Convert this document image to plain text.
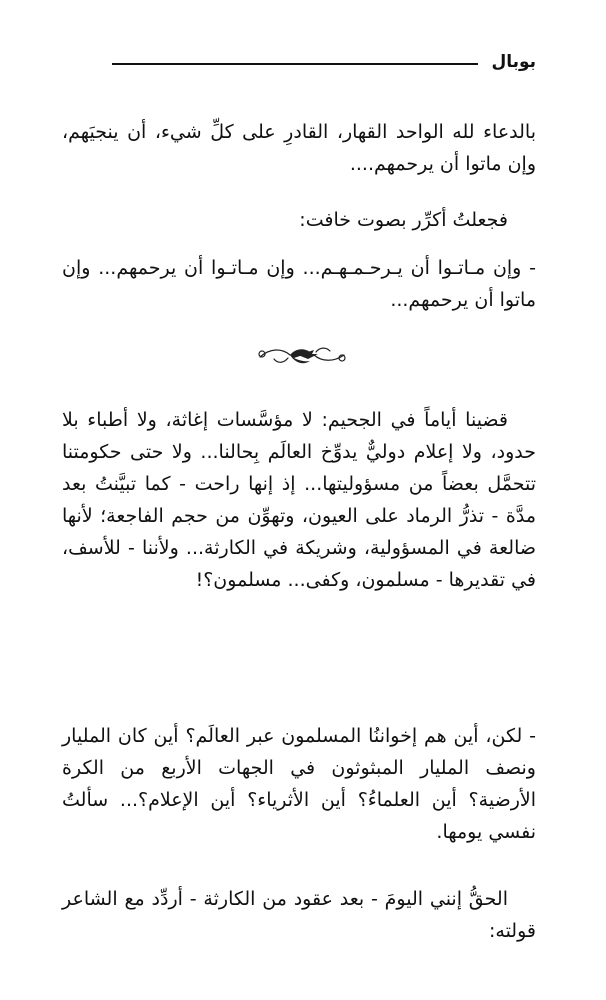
بوبال

بالدعاء لله الواحد القهار، القادرِ على كلِّ شيء، أن ينجيَهم، وإن ماتوا أن يرحمهم....

فجعلتُ أكرِّر بصوت خافت:

- وإن مـاتـوا أن يـرحـمـهـم... وإن مـاتـوا أن يرحمهم... وإن ماتوا أن يرحمهم...

قضينا أياماً في الجحيم: لا مؤسَّسات إغاثة، ولا أطباء بلا حدود، ولا إعلام دوليٌّ يدوِّخ العالَم بِحالنا... ولا حتى حكومتنا تتحمَّل بعضاً من مسؤوليتها... إذ إنها راحت - كما تبيَّنتُ بعد مدَّة - تذرُّ الرماد على العيون، وتهوِّن من حجم الفاجعة؛ لأنها ضالعة في المسؤولية، وشريكة في الكارثة... ولأننا - للأسف، في تقديرها - مسلمون، وكفى... مسلمون؟!

- لكن، أين هم إخواننُا المسلمون عبر العالَم؟ أين كان المليار ونصف المليار المبثوثون في الجهات الأربع من الكرة الأرضية؟ أين العلماءُ؟ أين الأثرياء؟ أين الإعلام؟... سألتُ نفسي يومها.

الحقُّ إنني اليومَ - بعد عقود من الكارثة - أردِّد مع الشاعر قولته:
